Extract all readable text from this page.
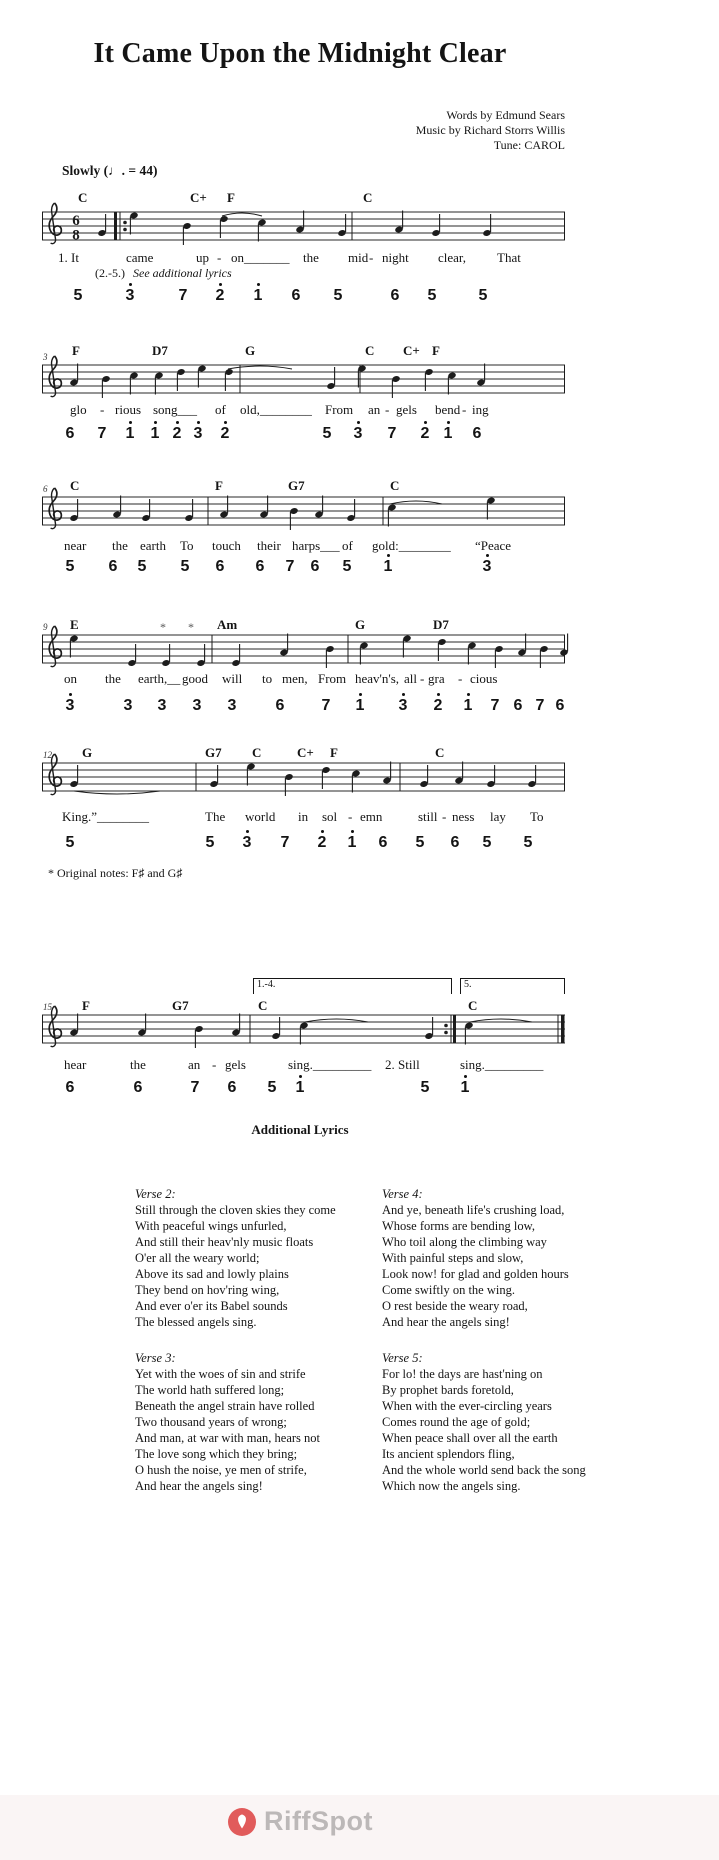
It Came Upon the Midnight Clear
Words by Edmund Sears
Music by Richard Storrs Willis
Tune: CAROL
Slowly (♩. = 44)
(2.-5.) See additional lyrics
* Original notes: F♯ and G♯
C	C+ F	C
6
8
1. It	came	up - on_______ the mid - night clear, That
5	3	7 2 1 6 5	6 5	5
3 F	D7	G	C C+ F
glo - rious song___ of old,________ From an - gels bend - ing
6 7 1 1 2 3 2	5 3 7 2 1 6
6 C	F	G7	C
near the earth To touch their harps___ of gold:________ “Peace
5 6 5 5 6 6 7 6 5 1	3
9 E	Am	G	D7
* *
on the earth,__ good will to men, From heav'n's, all - gra - cious
3	3 3 3 3 6 7 1 3 2 1 7 6 7 6
12 G	G7 C	C+ F	C
King.”________	The world in sol - emn	still - ness lay To
5	5 3 7 2 1 6 5 6 5 5
15 F	G7	C	C
1.-4.	5.
hear	the	an - gels	sing._________ 2. Still	sing._________
6	6	7 6 5 1	5 1
Additional Lyrics
Verse 2:
Still through the cloven skies they come
With peaceful wings unfurled,
And still their heav'nly music floats
O'er all the weary world;
Above its sad and lowly plains
They bend on hov'ring wing,
And ever o'er its Babel sounds
The blessed angels sing.
Verse 3:
Yet with the woes of sin and strife
The world hath suffered long;
Beneath the angel strain have rolled
Two thousand years of wrong;
And man, at war with man, hears not
The love song which they bring;
O hush the noise, ye men of strife,
And hear the angels sing!
Verse 4:
And ye, beneath life's crushing load,
Whose forms are bending low,
Who toil along the climbing way
With painful steps and slow,
Look now! for glad and golden hours
Come swiftly on the wing.
O rest beside the weary road,
And hear the angels sing!
Verse 5:
For lo! the days are hast'ning on
By prophet bards foretold,
When with the ever-circling years
Comes round the age of gold;
When peace shall over all the earth
Its ancient splendors fling,
And the whole world send back the song
Which now the angels sing.
RiffSpot
